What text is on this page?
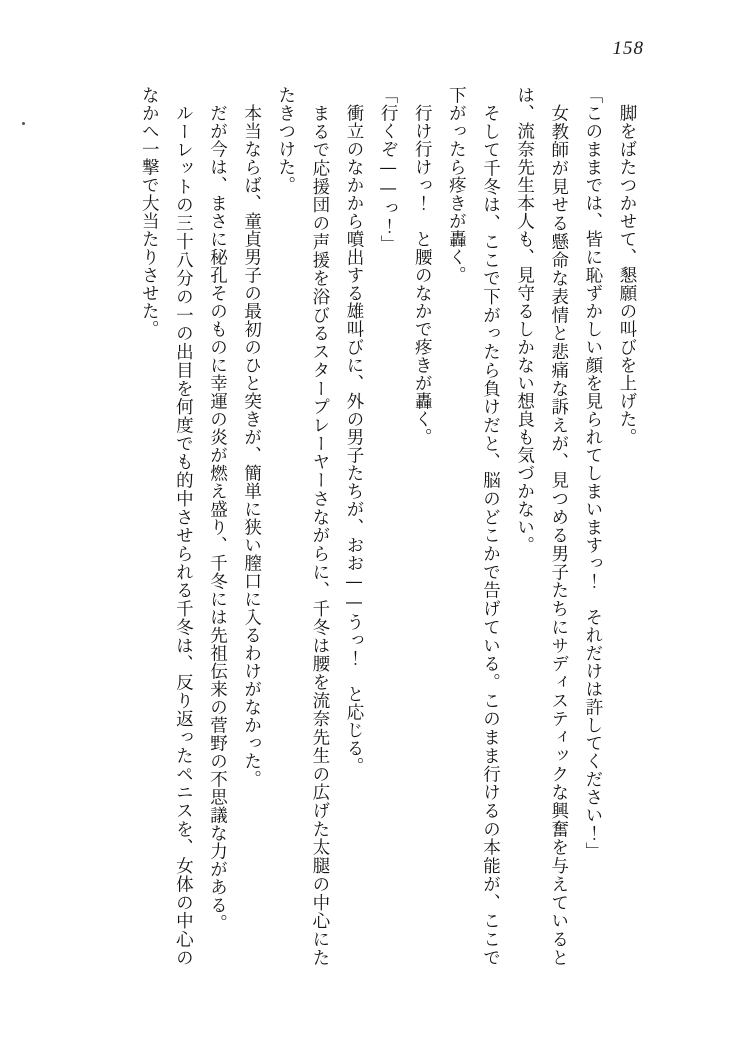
158

脚をばたつかせて、懇願の叫びを上げた。

「このままでは、皆に恥ずかしい顔を見られてしまいますっ！　それだけは許してください！」

女教師が見せる懸命な表情と悲痛な訴えが、見つめる男子たちにサディスティックな興奮を与えているとは、流奈先生本人も、見守るしかない想良も気づかない。

そして千冬は、ここで下がったら負けだと、脳のどこかで告げている。このまま行けるの本能が、ここで下がったら疼きが轟く。

行け行けっ！　と腰のなかで疼きが轟く。

「行くぞ——っ！」

衝立のなかから噴出する雄叫びに、外の男子たちが、おお——うっ！　と応じる。

まるで応援団の声援を浴びるスタープレーヤーさながらに、千冬は腰を流奈先生の広げた太腿の中心にたたきつけた。

本当ならば、童貞男子の最初のひと突きが、簡単に狭い膣口に入るわけがなかった。

だが今は、まさに秘孔そのものに幸運の炎が燃え盛り、千冬には先祖伝来の菅野の不思議な力がある。

ルーレットの三十八分の一の出目を何度でも的中させられる千冬は、反り返ったペニスを、女体の中心のなかへ一撃で大当たりさせた。
